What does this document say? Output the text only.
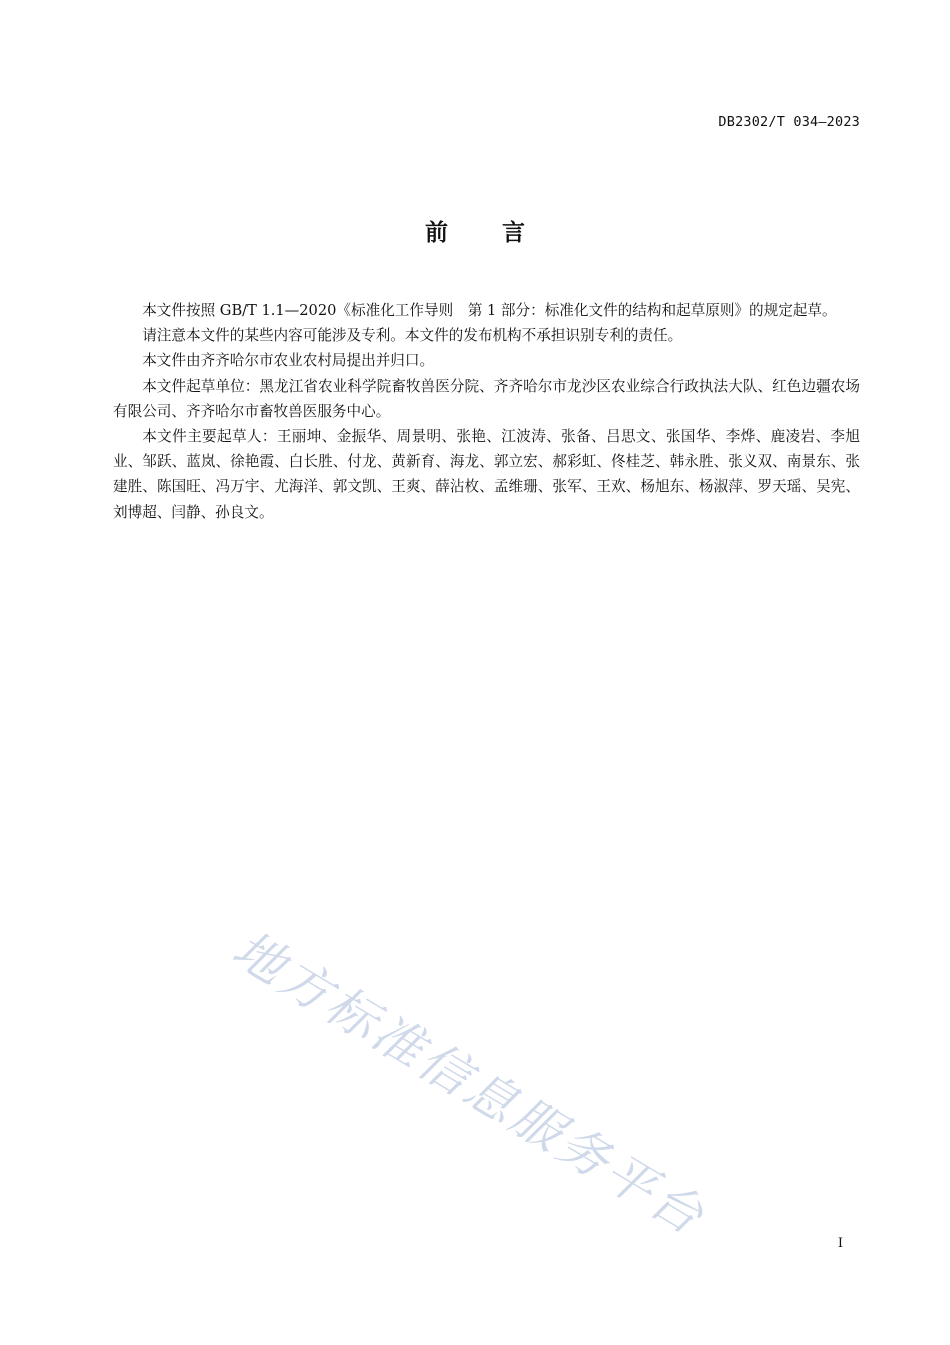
DB2302/T 034—2023
前言

本文件按照 GB/T 1.1—2020《标准化工作导则　第 1 部分：标准化文件的结构和起草原则》的规定起草。

请注意本文件的某些内容可能涉及专利。本文件的发布机构不承担识别专利的责任。

本文件由齐齐哈尔市农业农村局提出并归口。

本文件起草单位：黑龙江省农业科学院畜牧兽医分院、齐齐哈尔市龙沙区农业综合行政执法大队、红色边疆农场有限公司、齐齐哈尔市畜牧兽医服务中心。

本文件主要起草人：王丽坤、金振华、周景明、张艳、江波涛、张备、吕思文、张国华、李烨、鹿凌岩、李旭业、邹跃、蓝岚、徐艳霞、白长胜、付龙、黄新育、海龙、郭立宏、郝彩虹、佟桂芝、韩永胜、张义双、南景东、张建胜、陈国旺、冯万宇、尤海洋、郭文凯、王爽、薛沾枚、孟维珊、张军、王欢、杨旭东、杨淑萍、罗天瑶、吴宪、刘博超、闫静、孙良文。

地方标准信息服务平台	I
